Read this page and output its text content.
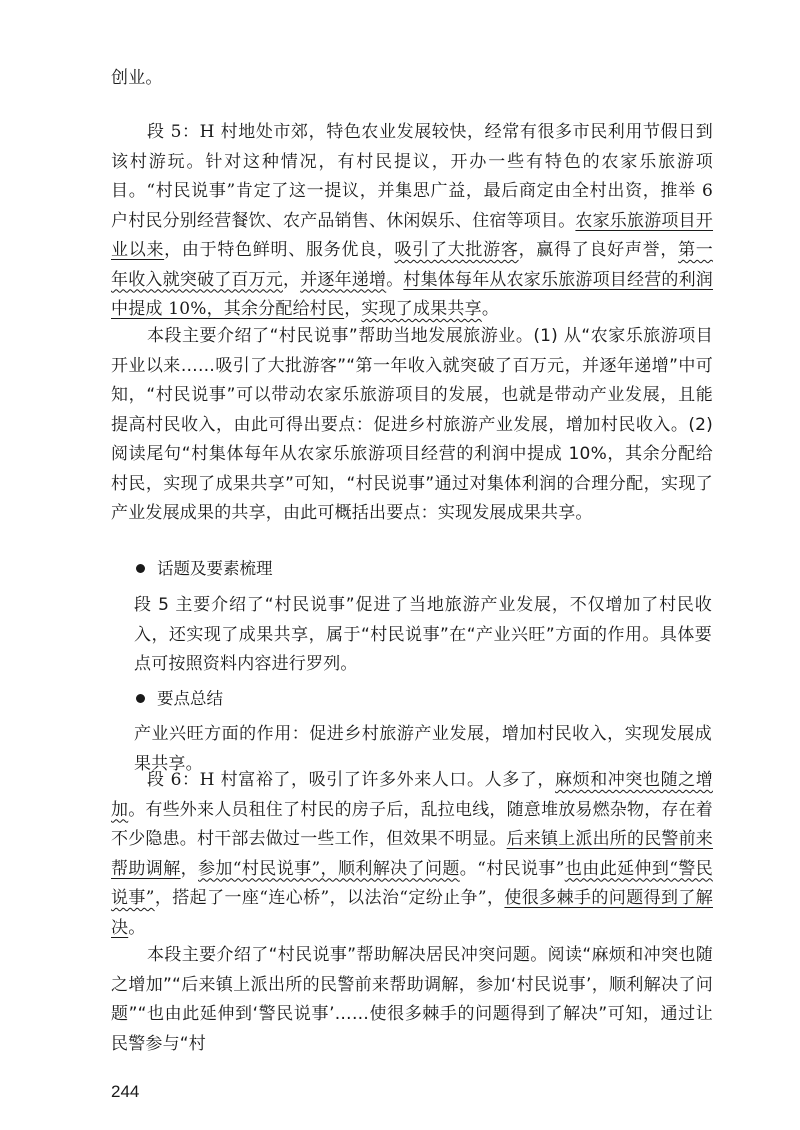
创业。
段 5：H 村地处市郊，特色农业发展较快，经常有很多市民利用节假日到该村游玩。针对这种情况，有村民提议，开办一些有特色的农家乐旅游项目。“村民说事”肯定了这一提议，并集思广益，最后商定由全村出资，推举 6 户村民分别经营餐饮、农产品销售、休闲娱乐、住宿等项目。农家乐旅游项目开业以来，由于特色鲜明、服务优良，吸引了大批游客，赢得了良好声誉，第一年收入就突破了百万元，并逐年递增。村集体每年从农家乐旅游项目经营的利润中提成 10%，其余分配给村民，实现了成果共享。
本段主要介绍了“村民说事”帮助当地发展旅游业。(1) 从“农家乐旅游项目开业以来……吸引了大批游客”“第一年收入就突破了百万元，并逐年递增”中可知，“村民说事”可以带动农家乐旅游项目的发展，也就是带动产业发展，且能提高村民收入，由此可得出要点：促进乡村旅游产业发展，增加村民收入。(2) 阅读尾句“村集体每年从农家乐旅游项目经营的利润中提成 10%，其余分配给村民，实现了成果共享”可知，“村民说事”通过对集体利润的合理分配，实现了产业发展成果的共享，由此可概括出要点：实现发展成果共享。
话题及要素梳理
段 5 主要介绍了“村民说事”促进了当地旅游产业发展，不仅增加了村民收入，还实现了成果共享，属于“村民说事”在“产业兴旺”方面的作用。具体要点可按照资料内容进行罗列。
要点总结
产业兴旺方面的作用：促进乡村旅游产业发展，增加村民收入，实现发展成果共享。
段 6：H 村富裕了，吸引了许多外来人口。人多了，麻烦和冲突也随之增加。有些外来人员租住了村民的房子后，乱拉电线，随意堆放易燃杂物，存在着不少隐患。村干部去做过一些工作，但效果不明显。后来镇上派出所的民警前来帮助调解，参加“村民说事”，顺利解决了问题。“村民说事”也由此延伸到“警民说事”，搭起了一座“连心桥”，以法治“定纷止争”，使很多棘手的问题得到了解决。
本段主要介绍了“村民说事”帮助解决居民冲突问题。阅读“麻烦和冲突也随之增加”“后来镇上派出所的民警前来帮助调解，参加‘村民说事’，顺利解决了问题”“也由此延伸到‘警民说事’……使很多棘手的问题得到了解决”可知，通过让民警参与“村
244
